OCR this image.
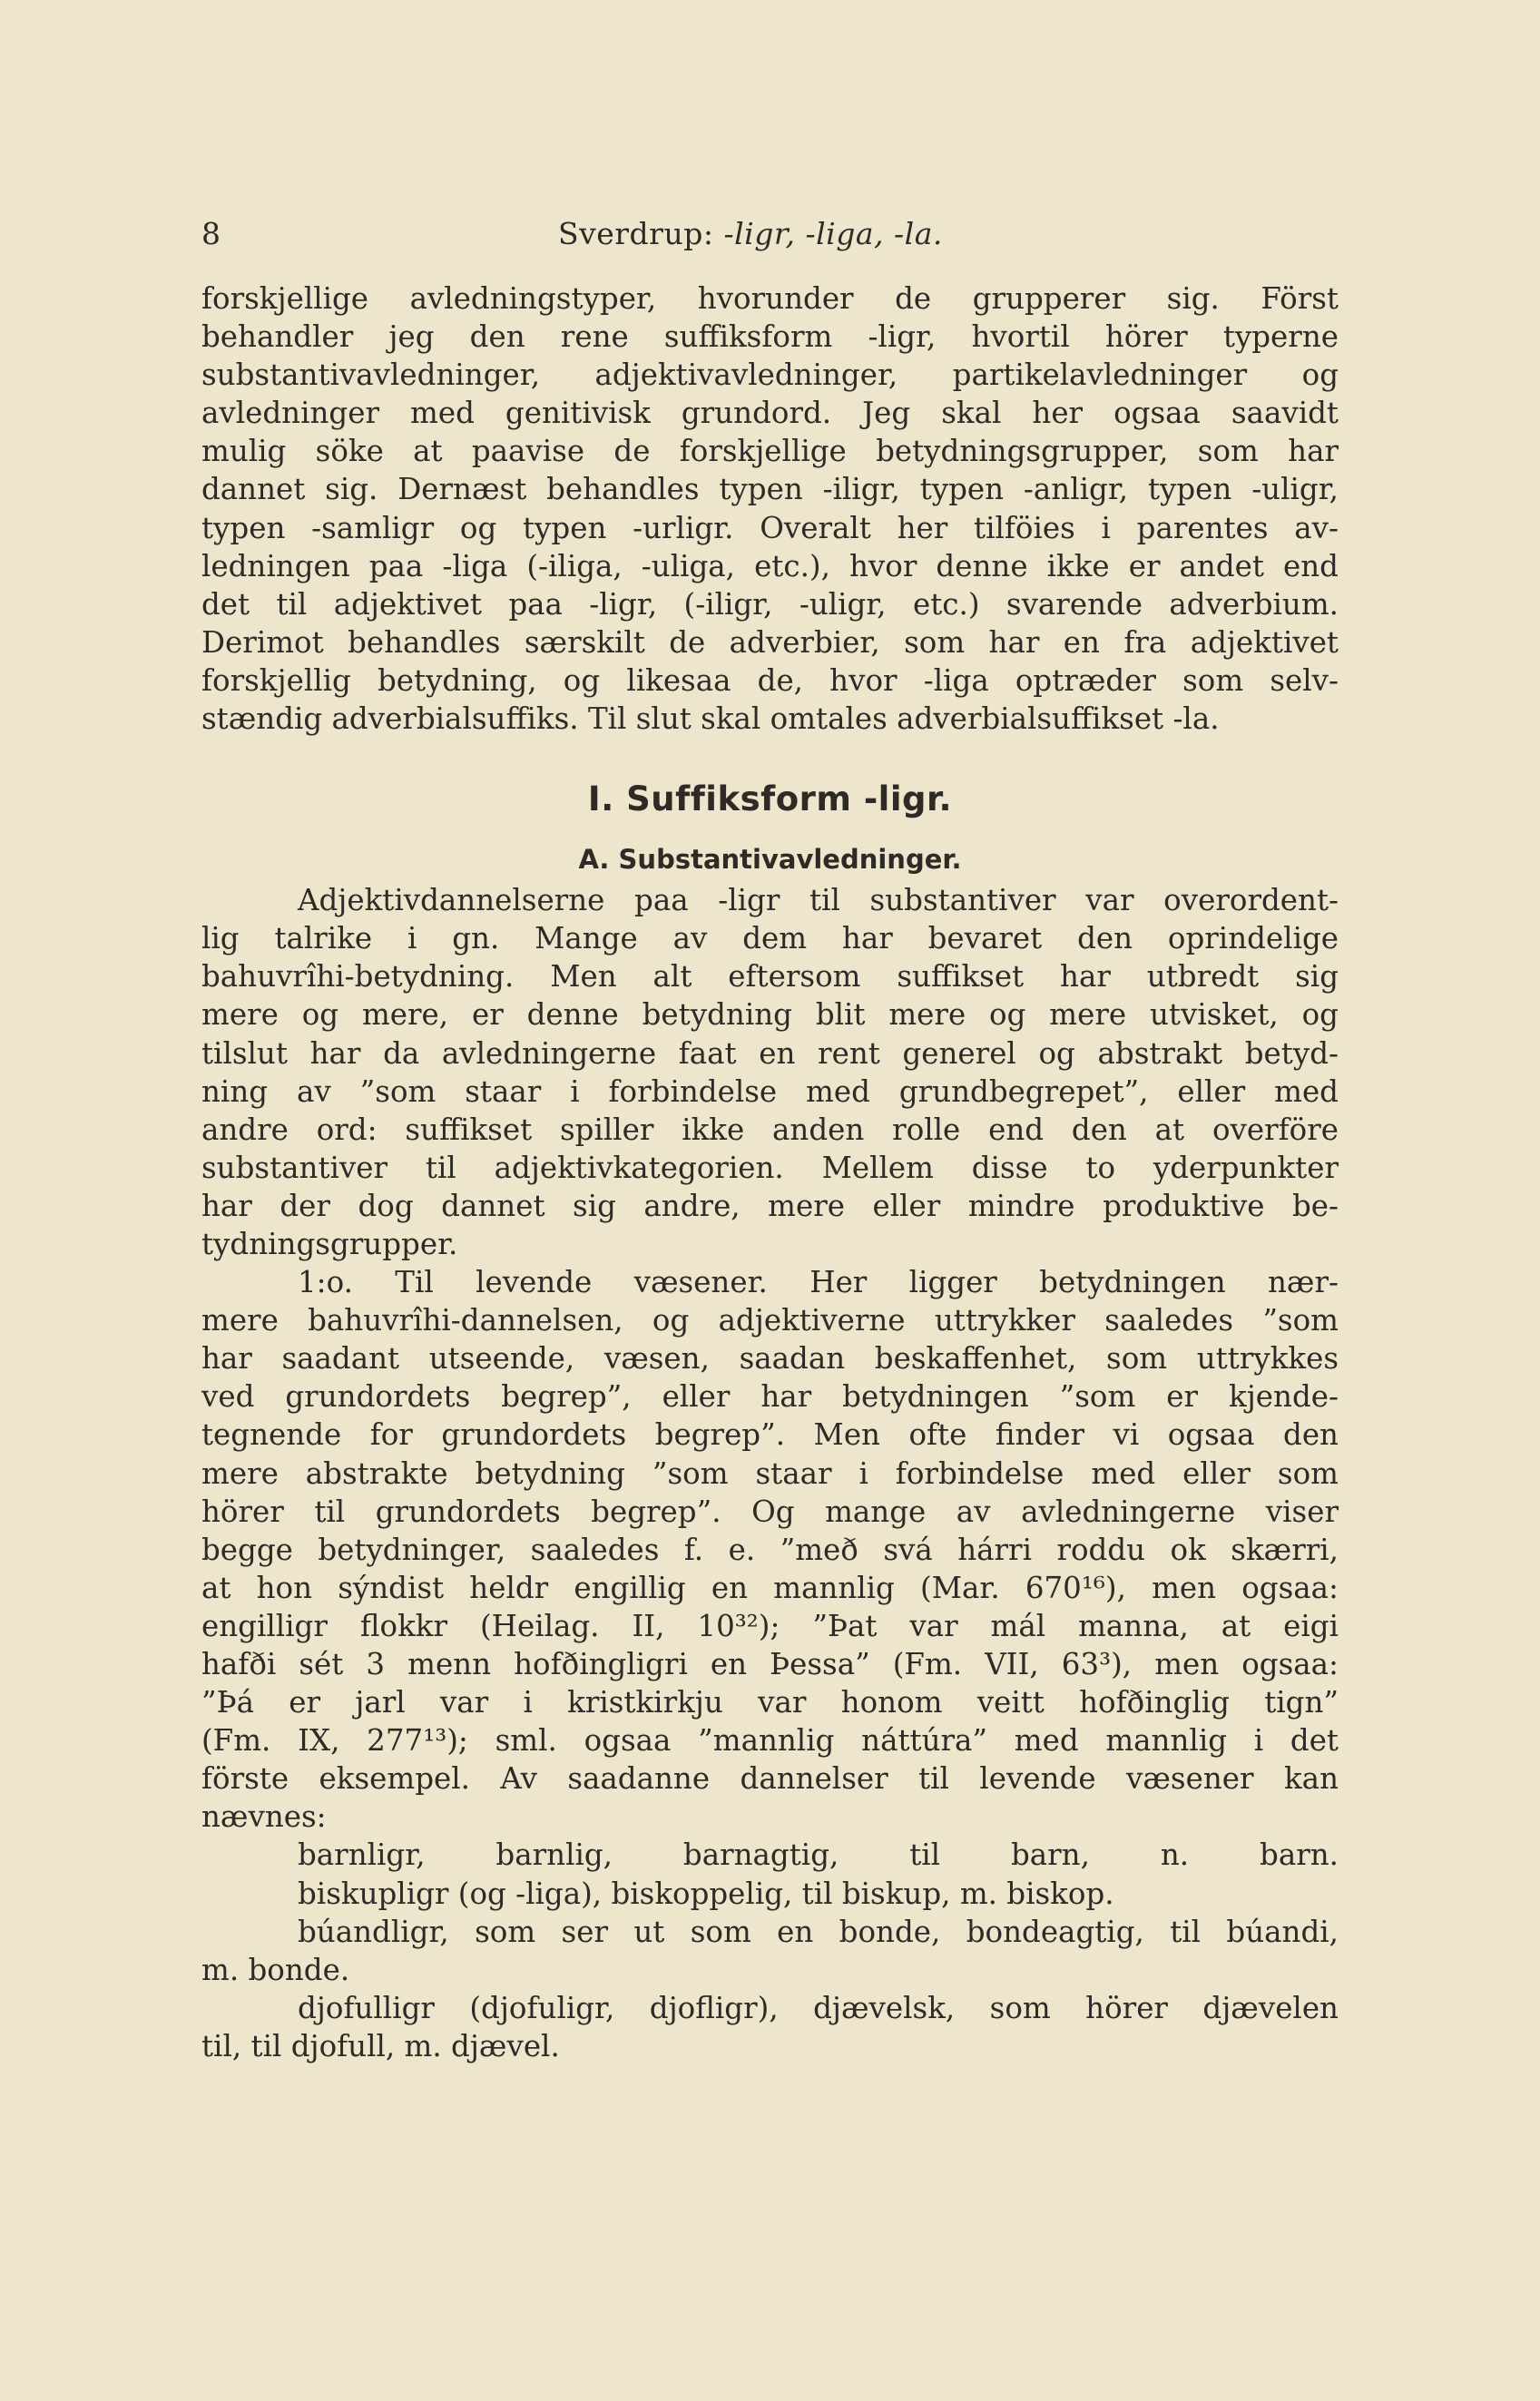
8	Sverdrup: -ligr, -liga, -la.
forskjellige avledningstyper, hvorunder de grupperer sig. Först
behandler jeg den rene suffiksform -ligr, hvortil hörer typerne
substantivavledninger, adjektivavledninger, partikelavledninger og
avledninger med genitivisk grundord. Jeg skal her ogsaa saavidt
mulig söke at paavise de forskjellige betydningsgrupper, som har
dannet sig. Dernæst behandles typen -iligr, typen -anligr, typen -uligr,
typen -samligr og typen -urligr. Overalt her tilföies i parentes av-
ledningen paa -liga (-iliga, -uliga, etc.), hvor denne ikke er andet end
det til adjektivet paa -ligr, (-iligr, -uligr, etc.) svarende adverbium.
Derimot behandles særskilt de adverbier, som har en fra adjektivet
forskjellig betydning, og likesaa de, hvor -liga optræder som selv-
stændig adverbialsuffiks. Til slut skal omtales adverbialsuffikset -la.
I. Suffiksform -ligr.
A. Substantivavledninger.
Adjektivdannelserne paa -ligr til substantiver var overordent-
lig talrike i gn. Mange av dem har bevaret den oprindelige
bahuvrîhi-betydning. Men alt eftersom suffikset har utbredt sig
mere og mere, er denne betydning blit mere og mere utvisket, og
tilslut har da avledningerne faat en rent generel og abstrakt betyd-
ning av ”som staar i forbindelse med grundbegrepet”, eller med
andre ord: suffikset spiller ikke anden rolle end den at overföre
substantiver til adjektivkategorien. Mellem disse to yderpunkter
har der dog dannet sig andre, mere eller mindre produktive be-
tydningsgrupper.
1:o. Til levende væsener. Her ligger betydningen nær-
mere bahuvrîhi-dannelsen, og adjektiverne uttrykker saaledes ”som
har saadant utseende, væsen, saadan beskaffenhet, som uttrykkes
ved grundordets begrep”, eller har betydningen ”som er kjende-
tegnende for grundordets begrep”. Men ofte finder vi ogsaa den
mere abstrakte betydning ”som staar i forbindelse med eller som
hörer til grundordets begrep”. Og mange av avledningerne viser
begge betydninger, saaledes f. e. ”með svá hárri roddu ok skærri,
at hon sýndist heldr engillig en mannlig (Mar. 670¹⁶), men ogsaa:
engilligr flokkr (Heilag. II, 10³²); ”Þat var mál manna, at eigi
hafði sét 3 menn hofðingligri en Þessa” (Fm. VII, 63³), men ogsaa:
”Þá er jarl var i kristkirkju var honom veitt hofðinglig tign”
(Fm. IX, 277¹³); sml. ogsaa ”mannlig náttúra” med mannlig i det
förste eksempel. Av saadanne dannelser til levende væsener kan
nævnes:
barnligr, barnlig, barnagtig, til barn, n. barn.
biskupligr (og -liga), biskoppelig, til biskup, m. biskop.
búandligr, som ser ut som en bonde, bondeagtig, til búandi,
m. bonde.
djofulligr (djofuligr, djofligr), djævelsk, som hörer djævelen
til, til djofull, m. djævel.
